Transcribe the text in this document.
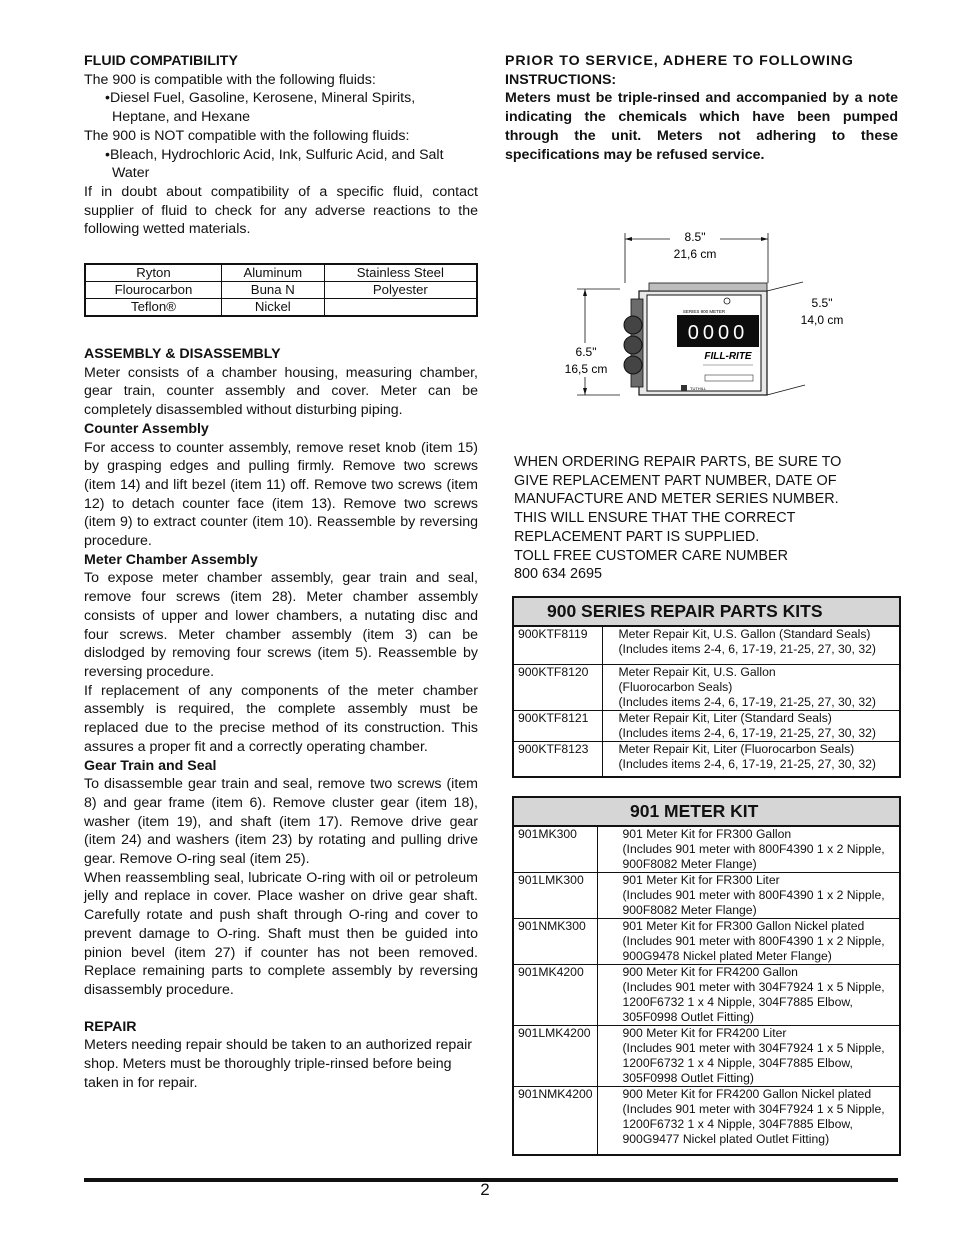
FLUID COMPATIBILITY

The 900 is compatible with the following fluids:

•Diesel Fuel, Gasoline, Kerosene, Mineral Spirits,

Heptane, and Hexane

The 900 is NOT compatible with the following fluids:

•Bleach, Hydrochloric Acid, Ink, Sulfuric Acid, and Salt

Water

If in doubt about compatibility of a specific fluid, contact supplier of fluid to check for any adverse reactions to the following wetted materials.

Ryton	Aluminum	Stainless Steel
Flourocarbon	Buna N	Polyester
Teflon®	Nickel	
ASSEMBLY & DISASSEMBLY

Meter consists of a chamber housing, measuring chamber, gear train, counter assembly and cover. Meter can be completely disassembled without disturbing piping.

Counter Assembly

For access to counter assembly, remove reset knob (item 15) by grasping edges and pulling firmly. Remove two screws (item 14) and lift bezel (item 11) off. Remove two screws (item 12) to detach counter face (item 13). Remove two screws (item 9) to extract counter (item 10). Reassemble by reversing procedure.

Meter Chamber Assembly

To expose meter chamber assembly, gear train and seal, remove four screws (item 28). Meter chamber assembly consists of upper and lower chambers, a nutating disc and four screws. Meter chamber assembly (item 3) can be dislodged by removing four screws (item 5). Reassemble by reversing procedure.

If replacement of any components of the meter chamber assembly is required, the complete assembly must be replaced due to the precise method of its construction. This assures a proper fit and a correctly operating chamber.

Gear Train and Seal

To disassemble gear train and seal, remove two screws (item 8) and gear frame (item 6). Remove cluster gear (item 18), washer (item 19), and shaft (item 17). Remove drive gear (item 24) and washers (item 23) by rotating and pulling drive gear. Remove O-ring seal (item 25).

When reassembling seal, lubricate O-ring with oil or petroleum jelly and replace in cover. Place washer on drive gear shaft. Carefully rotate and push shaft through O-ring and cover to prevent damage to O-ring. Shaft must then be guided into pinion bevel (item 27) if counter has not been removed. Replace remaining parts to complete assembly by reversing disassembly procedure.

REPAIR

Meters needing repair should be taken to an authorized repair shop. Meters must be thoroughly triple-rinsed before being taken in for repair.

PRIOR TO SERVICE, ADHERE TO FOLLOWING
INSTRUCTIONS:

Meters must be triple-rinsed and accompanied by a note indicating the chemicals which have been pumped through the unit. Meters not adhering to these specifications may be refused service.

8.5"
21,6 cm
6.5"
16,5 cm
5.5"
14,0 cm
SERIES 900 METER
0000
FILL-RITE
TUTHILL
WHEN ORDERING REPAIR PARTS, BE SURE TO
GIVE REPLACEMENT PART NUMBER, DATE OF
MANUFACTURE AND METER SERIES NUMBER.
THIS WILL ENSURE THAT THE CORRECT
REPLACEMENT PART IS SUPPLIED.
TOLL FREE CUSTOMER CARE NUMBER
800 634 2695
900 SERIES REPAIR PARTS KITS
900KTF8119	Meter Repair Kit, U.S. Gallon (Standard Seals)
(Includes items 2-4, 6, 17-19, 21-25, 27, 30, 32)

900KTF8120	Meter Repair Kit, U.S. Gallon
(Fluorocarbon Seals)
(Includes items 2-4, 6, 17-19, 21-25, 27, 30, 32)

900KTF8121	Meter Repair Kit, Liter (Standard Seals)
(Includes items 2-4, 6, 17-19, 21-25, 27, 30, 32)

900KTF8123	Meter Repair Kit, Liter (Fluorocarbon Seals)
(Includes items 2-4, 6, 17-19, 21-25, 27, 30, 32)
901 METER KIT
901MK300	901 Meter Kit for FR300 Gallon
(Includes 901 meter with 800F4390 1 x 2 Nipple,
900F8082 Meter Flange)

901LMK300	901 Meter Kit for FR300 Liter
(Includes 901 meter with 800F4390 1 x 2 Nipple,
900F8082 Meter Flange)

901NMK300	901 Meter Kit for FR300 Gallon Nickel plated
(Includes 901 meter with 800F4390 1 x 2 Nipple,
900G9478 Nickel plated Meter Flange)

901MK4200	900 Meter Kit for FR4200 Gallon
(Includes 901 meter with 304F7924 1 x 5 Nipple,
1200F6732 1 x 4 Nipple, 304F7885 Elbow,
305F0998 Outlet Fitting)

901LMK4200	900 Meter Kit for FR4200 Liter
(Includes 901 meter with 304F7924 1 x 5 Nipple,
1200F6732 1 x 4 Nipple, 304F7885 Elbow,
305F0998 Outlet Fitting)

901NMK4200	900 Meter Kit for FR4200 Gallon Nickel plated
(Includes 901 meter with 304F7924 1 x 5 Nipple,
1200F6732 1 x 4 Nipple, 304F7885 Elbow,
900G9477 Nickel plated Outlet Fitting)
2
